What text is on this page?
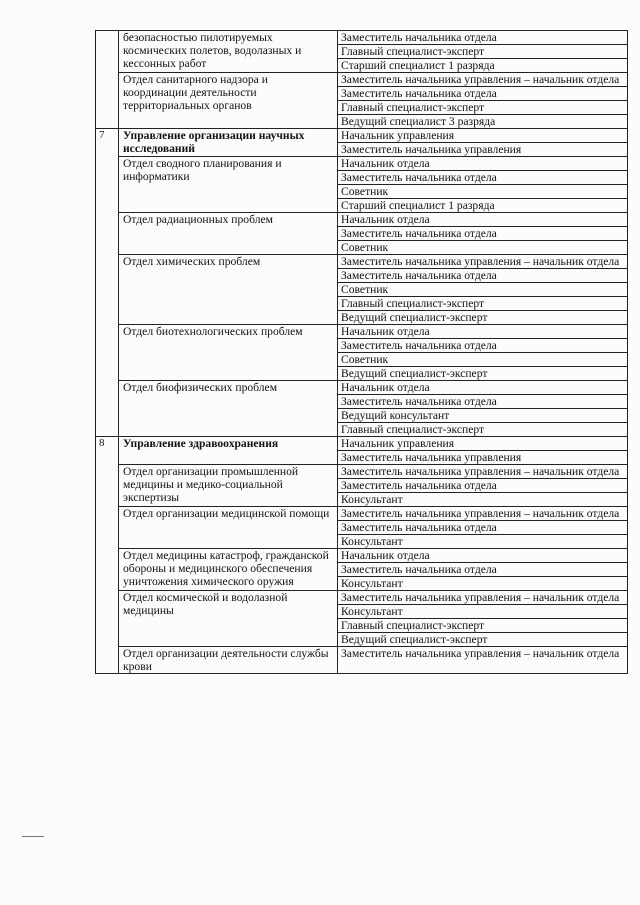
	безопасностью пилотируемых космических полетов, водолазных и кессонных работ	Заместитель начальника отдела
		Главный специалист-эксперт
		Старший специалист 1 разряда
	Отдел санитарного надзора и координации деятельности территориальных органов	Заместитель начальника управления – начальник отдела
		Заместитель начальника отдела
		Главный специалист-эксперт
		Ведущий специалист 3 разряда
7	Управление организации научных исследований	Начальник управления
		Заместитель начальника управления
	Отдел сводного планирования и информатики	Начальник отдела
		Заместитель начальника отдела
		Советник
		Старший специалист 1 разряда
	Отдел радиационных проблем	Начальник отдела
		Заместитель начальника отдела
		Советник
	Отдел химических проблем	Заместитель начальника управления – начальник отдела
		Заместитель начальника отдела
		Советник
		Главный специалист-эксперт
		Ведущий специалист-эксперт
	Отдел биотехнологических проблем	Начальник отдела
		Заместитель начальника отдела
		Советник
		Ведущий специалист-эксперт
	Отдел биофизических проблем	Начальник отдела
		Заместитель начальника отдела
		Ведущий консультант
		Главный специалист-эксперт
8	Управление здравоохранения	Начальник управления
		Заместитель начальника управления
	Отдел организации промышленной медицины и медико-социальной экспертизы	Заместитель начальника управления – начальник отдела
		Заместитель начальника отдела
		Консультант
	Отдел организации медицинской помощи	Заместитель начальника управления – начальник отдела
		Заместитель начальника отдела
		Консультант
	Отдел медицины катастроф, гражданской обороны и медицинского обеспечения уничтожения химического оружия	Начальник отдела
		Заместитель начальника отдела
		Консультант
	Отдел космической и водолазной медицины	Заместитель начальника управления – начальник отдела
		Консультант
		Главный специалист-эксперт
		Ведущий специалист-эксперт
	Отдел организации деятельности службы крови	Заместитель начальника управления – начальник отдела
